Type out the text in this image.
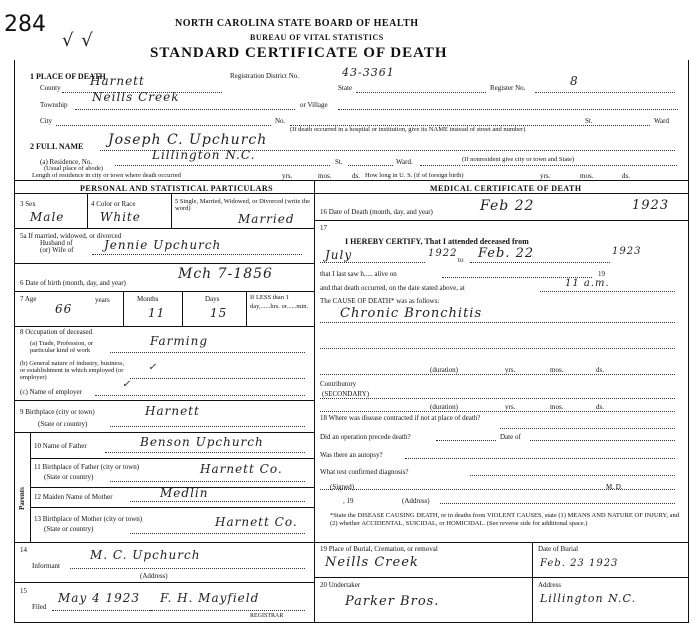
284
√ √
NORTH CAROLINA STATE BOARD OF HEALTH
BUREAU OF VITAL STATISTICS
STANDARD CERTIFICATE OF DEATH
1 PLACE OF DEATH
County Harnett	Registration District No.	43-3361
State	Register No.	8
Township
Neills Creek
or Village
City	No.	St.	Ward
(If death occurred in a hospital or institution, give its NAME instead of street and number)
2 FULL NAME Joseph C. Upchurch
(a) Residence, No.
(Usual place of abode)
Lillington N.C.	St.	Ward.	(If nonresident give city or town and State)
Length of residence in city or town where death occurred	yrs.	mos.	ds. How long in U. S. (if of foreign birth)	yrs.	mos.	ds.
PERSONAL AND STATISTICAL PARTICULARS	MEDICAL CERTIFICATE OF DEATH
3 Sex
Male
4 Color or Race
White
5 Single, Married, Widowed, or Divorced (write the word)
Married
5a If married, widowed, or divorced
Husband of
(or) Wife of	Jennie Upchurch
6 Date of birth (month, day, and year)
Mch 7-1856
7 Age
66
years	Months
11
Days
15
If LESS than 1 day,......hrs. or......min.
8 Occupation of deceased
(a) Trade, Profession, or particular kind of work
Farming
(b) General nature of industry, business, or establishment in which employed (or employer)
✓
(c) Name of employer
✓
9 Birthplace (city or town)
(State or country)
Harnett
Parents
10 Name of Father	Benson Upchurch
11 Birthplace of Father (city or town)
(State or country)
Harnett Co.
12 Maiden Name of Mother	Medlin
13 Birthplace of Mother (city or town)
(State or country)	Harnett Co.
14
Informant
M. C. Upchurch
(Address)
15
Filed
May 4 1923 F. H. Mayfield
REGISTRAR
16 Date of Death (month, day, and year)	Feb 22	1923
17
I HEREBY CERTIFY, That I attended deceased from
July	1922
to Feb. 22	1923
that I last saw h..... alive on	19
and that death occurred, on the date stated above, at	11 a.m.
The CAUSE OF DEATH* was as follows:
Chronic Bronchitis
(duration)	yrs.	mos.	ds.
Contributory
(SECONDARY)
(duration)	yrs.	mos.	ds.
18 Where was disease contracted if not at place of death?
Did an operation precede death?	Date of
Was there an autopsy?
What test confirmed diagnosis?
(Signed)	M. D.
, 19	(Address)
*State the DISEASE CAUSING DEATH, or in deaths from VIOLENT CAUSES, state (1) MEANS AND NATURE OF INJURY, and (2) whether ACCIDENTAL, SUICIDAL, or HOMICIDAL. (See reverse side for additional space.)
19 Place of Burial, Cremation, or removal
Neills Creek
Date of Burial
Feb. 23 1923
20 Undertaker
Parker Bros.
Address
Lillington N.C.
